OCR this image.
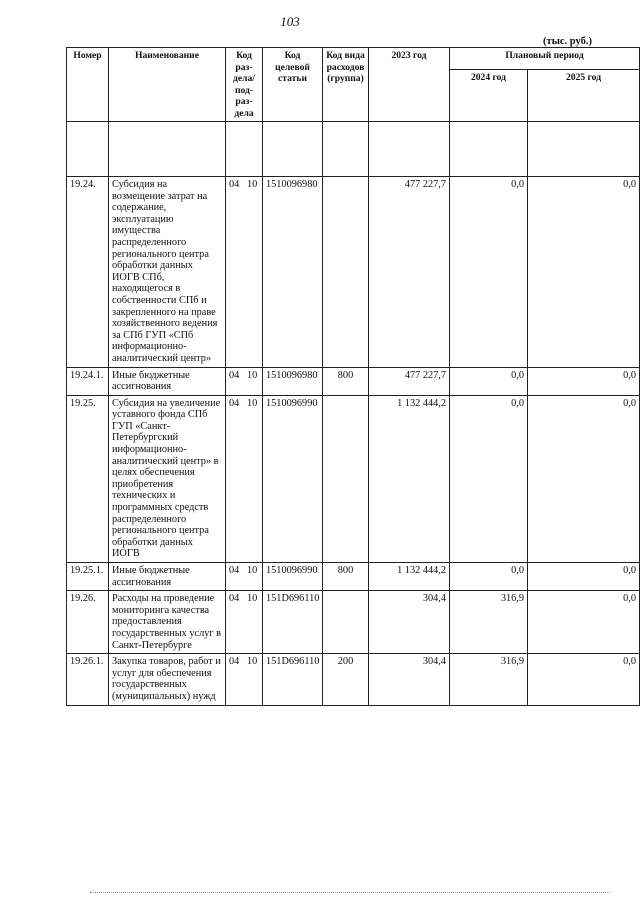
103
(тыс. руб.)
Номер	Наименование	Код раз-дела/ под-раз-дела	Код целевой статьи	Код вида расходов (группа)	2023 год	Плановый период	
						2024 год	2025 год

19.24.	Субсидия на возмещение затрат на содержание, эксплуатацию имущества распределенного регионального центра обработки данных ИОГВ СПб, находящегося в собственности СПб и закрепленного на праве хозяйственного ведения за СПб ГУП «СПб информационно-аналитический центр»	04 10	1510096980		477 227,7	0,0	0,0
19.24.1.	Иные бюджетные ассигнования	04 10	1510096980	800	477 227,7	0,0	0,0
19.25.	Субсидия на увеличение уставного фонда СПб ГУП «Санкт-Петербургский информационно-аналитический центр» в целях обеспечения приобретения технических и программных средств распределенного регионального центра обработки данных ИОГВ	04 10	1510096990		1 132 444,2	0,0	0,0
19.25.1.	Иные бюджетные ассигнования	04 10	1510096990	800	1 132 444,2	0,0	0,0
19.26.	Расходы на проведение мониторинга качества предоставления государственных услуг в Санкт-Петербурге	04 10	151D696110		304,4	316,9	0,0
19.26.1.	Закупка товаров, работ и услуг для обеспечения государственных (муниципальных) нужд	04 10	151D696110	200	304,4	316,9	0,0
